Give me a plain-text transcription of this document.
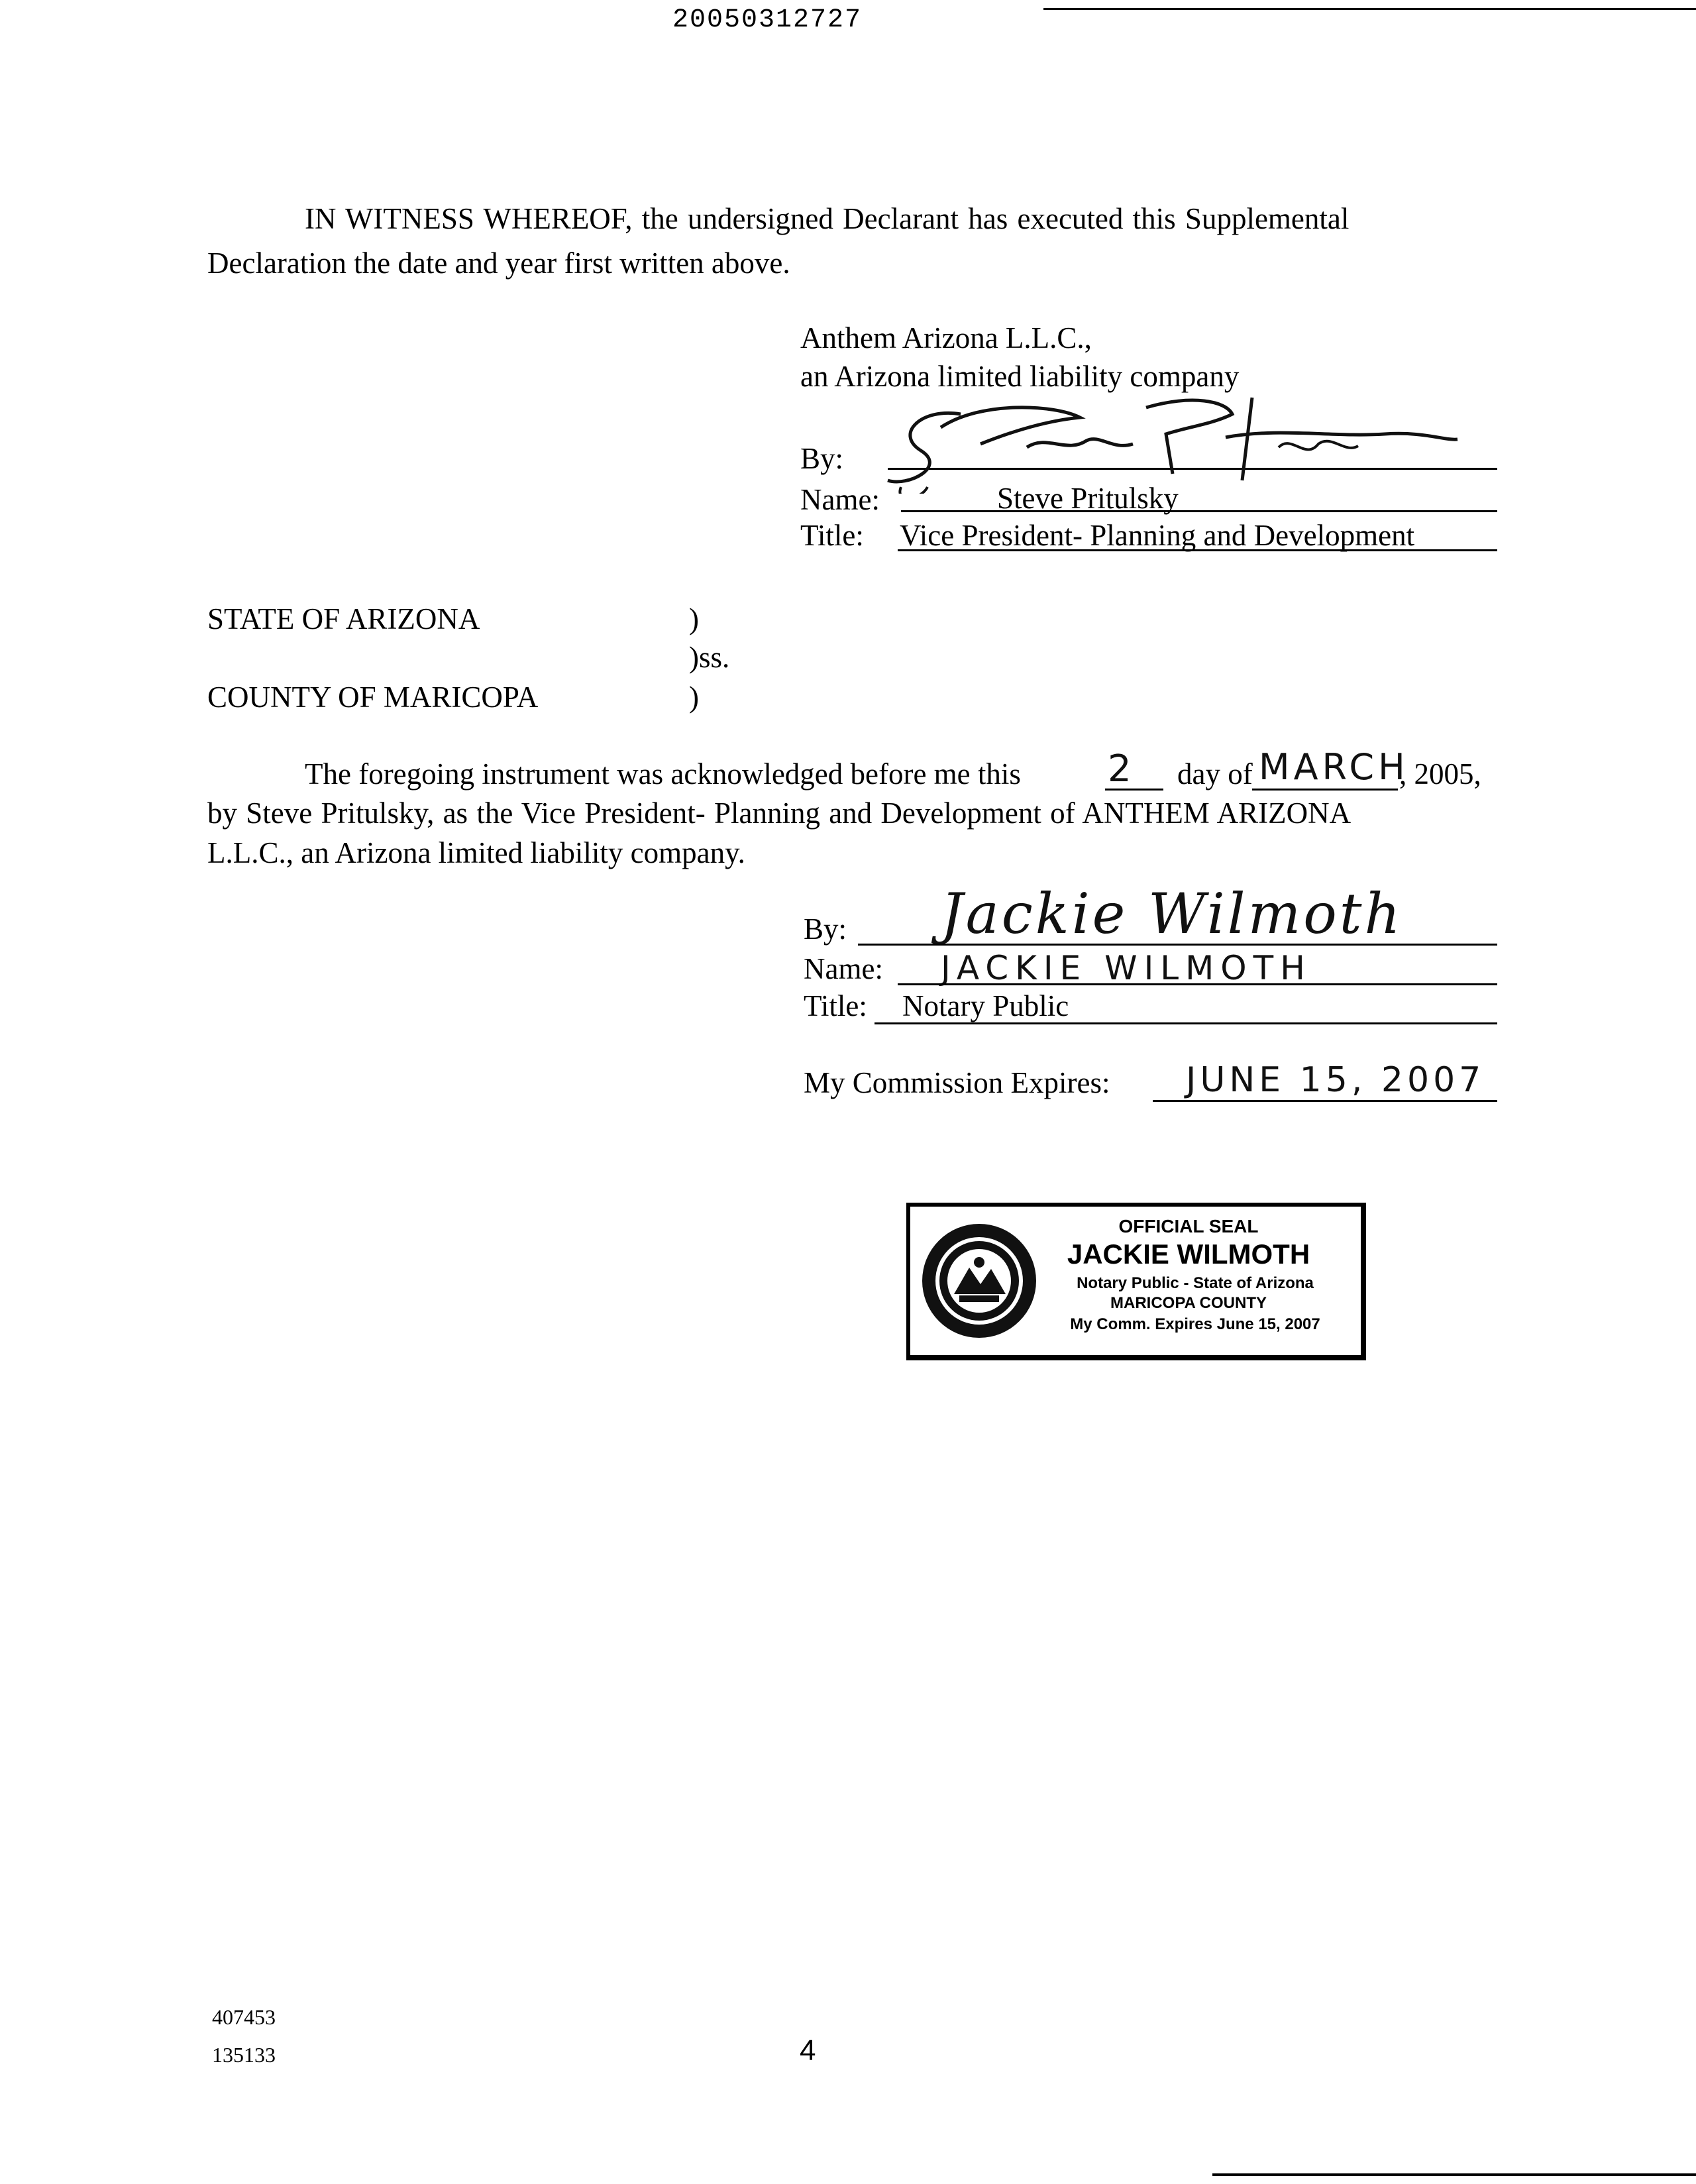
20050312727
IN WITNESS WHEREOF, the undersigned Declarant has executed this Supplemental
Declaration the date and year first written above.
Anthem Arizona L.L.C.,
an Arizona limited liability company
By:
Name:	Steve Pritulsky
Title: Vice President- Planning and Development
STATE OF ARIZONA	)
)ss.
COUNTY OF MARICOPA	)
The foregoing instrument was acknowledged before me this 2 day of MARCH
, 2005,
by Steve Pritulsky, as the Vice President- Planning and Development of ANTHEM ARIZONA
L.L.C., an Arizona limited liability company.
By: Jackie Wilmoth
Name: JACKIE WILMOTH
Title: Notary Public
My Commission Expires: JUNE 15, 2007
OFFICIAL SEAL
JACKIE WILMOTH
Notary Public - State of Arizona
MARICOPA COUNTY
My Comm. Expires June 15, 2007
407453
135133	4
